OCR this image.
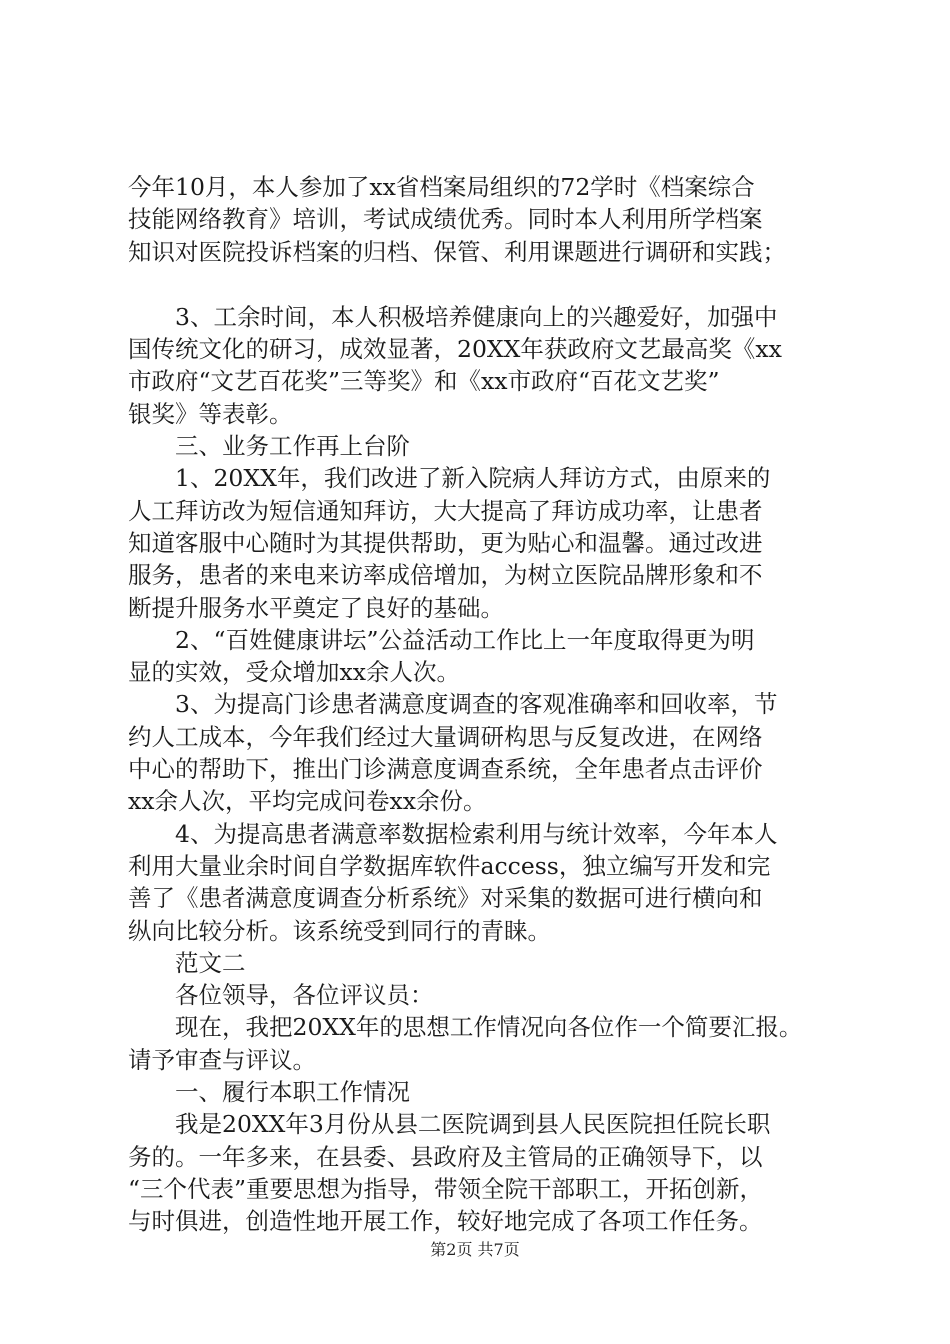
今年10月，本人参加了xx省档案局组织的72学时《档案综合
技能网络教育》培训，考试成绩优秀。同时本人利用所学档案
知识对医院投诉档案的归档、保管、利用课题进行调研和实践；
3、工余时间，本人积极培养健康向上的兴趣爱好，加强中
国传统文化的研习，成效显著，20XX年获政府文艺最高奖《xx
市政府“文艺百花奖”三等奖》和《xx市政府“百花文艺奖”
银奖》等表彰。
三、业务工作再上台阶
1、20XX年，我们改进了新入院病人拜访方式，由原来的
人工拜访改为短信通知拜访，大大提高了拜访成功率，让患者
知道客服中心随时为其提供帮助，更为贴心和温馨。通过改进
服务，患者的来电来访率成倍增加，为树立医院品牌形象和不
断提升服务水平奠定了良好的基础。
2、“百姓健康讲坛”公益活动工作比上一年度取得更为明
显的实效，受众增加xx余人次。
3、为提高门诊患者满意度调查的客观准确率和回收率，节
约人工成本，今年我们经过大量调研构思与反复改进，在网络
中心的帮助下，推出门诊满意度调查系统，全年患者点击评价
xx余人次，平均完成问卷xx余份。
4、为提高患者满意率数据检索利用与统计效率，今年本人
利用大量业余时间自学数据库软件access，独立编写开发和完
善了《患者满意度调查分析系统》对采集的数据可进行横向和
纵向比较分析。该系统受到同行的青睐。
范文二
各位领导，各位评议员：
现在，我把20XX年的思想工作情况向各位作一个简要汇报。
请予审查与评议。
一、履行本职工作情况
我是20XX年3月份从县二医院调到县人民医院担任院长职
务的。一年多来，在县委、县政府及主管局的正确领导下，以
“三个代表”重要思想为指导，带领全院干部职工，开拓创新，
与时俱进，创造性地开展工作，较好地完成了各项工作任务。
第2页 共7页
